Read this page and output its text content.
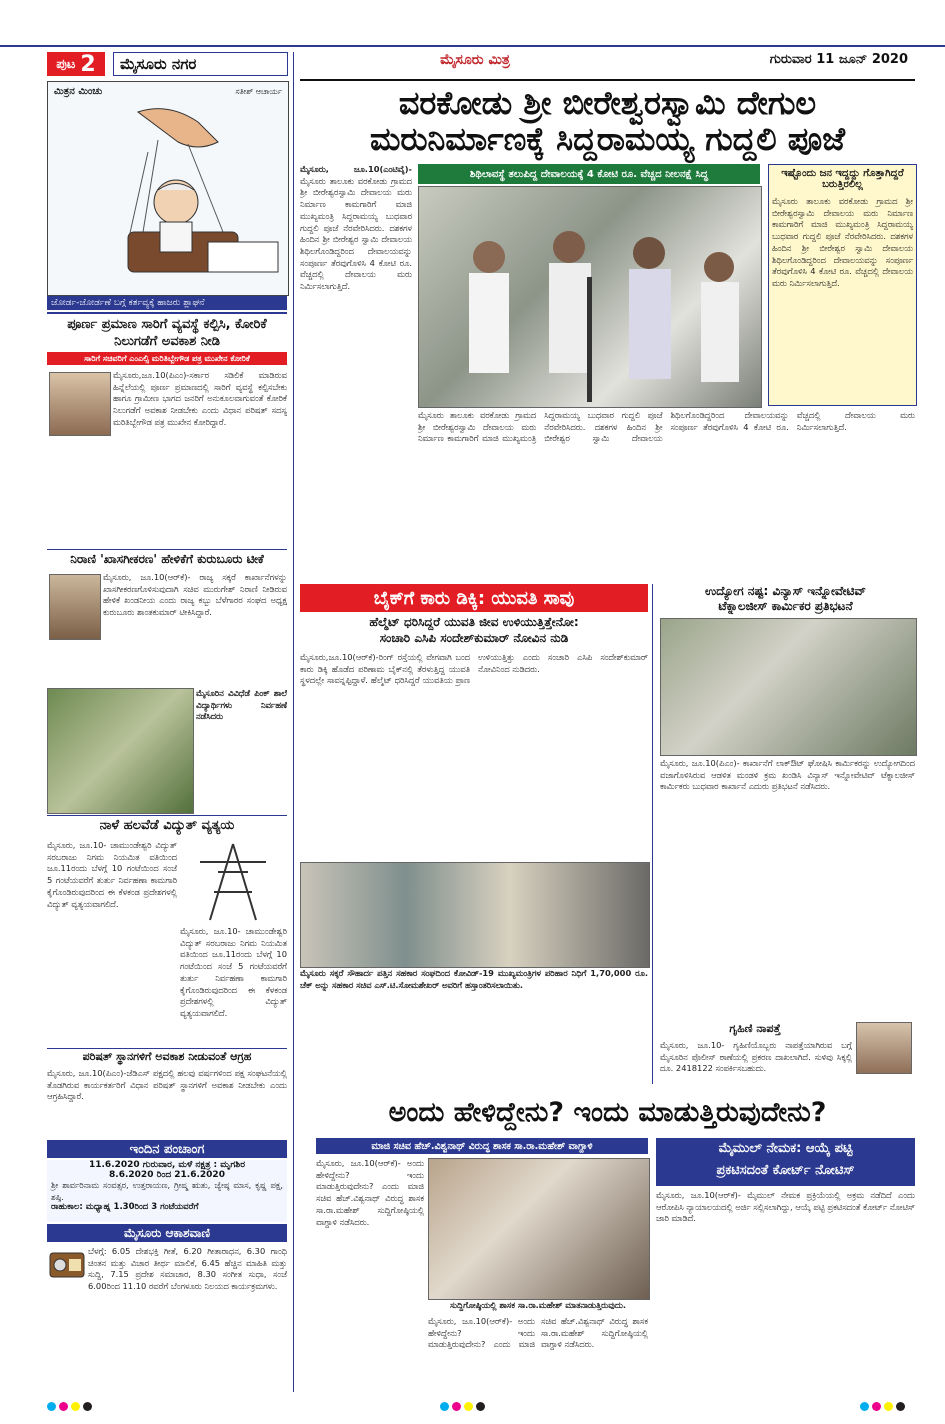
ಪುಟ 2	ಮೈಸೂರು ನಗರ	ಮೈಸೂರು ಮಿತ್ರ	ಗುರುವಾರ 11 ಜೂನ್ 2020
ಮಿತ್ರನ ಮಿಂಚು	ಸತೀಶ್ ಆಚಾರ್ಯ
ಜೋರ್ಡ-ಜೋರ್ಡಣೆ ಬಗ್ಗೆ ಕರ್ತವ್ಯಕ್ಕೆ ಹಾಜರು ಶ್ಲಾಘನೆ
ವರಕೋಡು ಶ್ರೀ ಬೀರೇಶ್ವರಸ್ವಾಮಿ ದೇಗುಲ
ಮರುನಿರ್ಮಾಣಕ್ಕೆ ಸಿದ್ದರಾಮಯ್ಯ ಗುದ್ದಲಿ ಪೂಜೆ
ಮೈಸೂರು, ಜೂ.10(ಎಂಟಿವೈ)- ಮೈಸೂರು ತಾಲೂಕು ವರಕೋಡು ಗ್ರಾಮದ ಶ್ರೀ ಬೀರೇಶ್ವರಸ್ವಾಮಿ ದೇವಾಲಯ ಮರು ನಿರ್ಮಾಣ ಕಾಮಗಾರಿಗೆ ಮಾಜಿ ಮುಖ್ಯಮಂತ್ರಿ ಸಿದ್ದರಾಮಯ್ಯ ಬುಧವಾರ ಗುದ್ದಲಿ ಪೂಜೆ ನೆರವೇರಿಸಿದರು. ದಶಕಗಳ ಹಿಂದಿನ ಶ್ರೀ ಬೀರೇಶ್ವರ ಸ್ವಾಮಿ ದೇವಾಲಯ ಶಿಥಿಲಗೊಂಡಿದ್ದರಿಂದ ದೇವಾಲಯವನ್ನು ಸಂಪೂರ್ಣ ತೆರವುಗೊಳಿಸಿ 4 ಕೋಟಿ ರೂ. ವೆಚ್ಚದಲ್ಲಿ ದೇವಾಲಯ ಮರು ನಿರ್ಮಿಸಲಾಗುತ್ತಿದೆ.
ಶಿಥಿಲಾವಸ್ಥೆ ತಲುಪಿದ್ದ ದೇವಾಲಯಕ್ಕೆ 4 ಕೋಟಿ ರೂ. ವೆಚ್ಚದ ನೀಲನಕ್ಷೆ ಸಿದ್ಧ	ಇಷ್ಟೊಂದು ಜನ ಇದ್ದದ್ದು ಗೊತ್ತಾಗಿದ್ದರೆ ಬರುತ್ತಿರಲಿಲ್ಲ
ಮೈಸೂರು ತಾಲೂಕು ವರಕೋಡು ಗ್ರಾಮದ ಶ್ರೀ ಬೀರೇಶ್ವರಸ್ವಾಮಿ ದೇವಾಲಯ ಮರು ನಿರ್ಮಾಣ ಕಾಮಗಾರಿಗೆ ಮಾಜಿ ಮುಖ್ಯಮಂತ್ರಿ ಸಿದ್ದರಾಮಯ್ಯ ಬುಧವಾರ ಗುದ್ದಲಿ ಪೂಜೆ ನೆರವೇರಿಸಿದರು. ದಶಕಗಳ ಹಿಂದಿನ ಶ್ರೀ ಬೀರೇಶ್ವರ ಸ್ವಾಮಿ ದೇವಾಲಯ ಶಿಥಿಲಗೊಂಡಿದ್ದರಿಂದ ದೇವಾಲಯವನ್ನು ಸಂಪೂರ್ಣ ತೆರವುಗೊಳಿಸಿ 4 ಕೋಟಿ ರೂ. ವೆಚ್ಚದಲ್ಲಿ ದೇವಾಲಯ ಮರು ನಿರ್ಮಿಸಲಾಗುತ್ತಿದೆ.
ಮೈಸೂರು ತಾಲೂಕು ವರಕೋಡು ಗ್ರಾಮದ ಶ್ರೀ ಬೀರೇಶ್ವರಸ್ವಾಮಿ ದೇವಾಲಯ ಮರು ನಿರ್ಮಾಣ ಕಾಮಗಾರಿಗೆ ಮಾಜಿ ಮುಖ್ಯಮಂತ್ರಿ ಸಿದ್ದರಾಮಯ್ಯ ಬುಧವಾರ ಗುದ್ದಲಿ ಪೂಜೆ ನೆರವೇರಿಸಿದರು. ದಶಕಗಳ ಹಿಂದಿನ ಶ್ರೀ ಬೀರೇಶ್ವರ ಸ್ವಾಮಿ ದೇವಾಲಯ ಶಿಥಿಲಗೊಂಡಿದ್ದರಿಂದ ದೇವಾಲಯವನ್ನು ಸಂಪೂರ್ಣ ತೆರವುಗೊಳಿಸಿ 4 ಕೋಟಿ ರೂ. ವೆಚ್ಚದಲ್ಲಿ ದೇವಾಲಯ ಮರು ನಿರ್ಮಿಸಲಾಗುತ್ತಿದೆ.
ಪೂರ್ಣ ಪ್ರಮಾಣ ಸಾರಿಗೆ ವ್ಯವಸ್ಥೆ ಕಲ್ಪಿಸಿ, ಕೋರಿಕೆ ನಿಲುಗಡೆಗೆ ಅವಕಾಶ ನೀಡಿ
ಸಾರಿಗೆ ಸಚಿವರಿಗೆ ಎಂಎಲ್ಸಿ ಮರಿತಿಬ್ಬೇಗೌಡ ಪತ್ರ ಮುಖೇನ ಕೋರಿಕೆ
ಮೈಸೂರು,ಜೂ.10(ಪಿಎಂ)-ಸರ್ಕಾರ ಸಡಿಲಿಕೆ ಮಾಡಿರುವ ಹಿನ್ನೆಲೆಯಲ್ಲಿ ಪೂರ್ಣ ಪ್ರಮಾಣದಲ್ಲಿ ಸಾರಿಗೆ ವ್ಯವಸ್ಥೆ ಕಲ್ಪಿಸಬೇಕು ಹಾಗೂ ಗ್ರಾಮೀಣ ಭಾಗದ ಜನರಿಗೆ ಅನುಕೂಲವಾಗುವಂತೆ ಕೋರಿಕೆ ನಿಲುಗಡೆಗೆ ಅವಕಾಶ ನೀಡಬೇಕು ಎಂದು ವಿಧಾನ ಪರಿಷತ್ ಸದಸ್ಯ ಮರಿತಿಬ್ಬೇಗೌಡ ಪತ್ರ ಮುಖೇನ ಕೋರಿದ್ದಾರೆ.
ನಿರಾಣಿ 'ಖಾಸಗೀಕರಣ' ಹೇಳಿಕೆಗೆ ಕುರುಬೂರು ಟೀಕೆ
ಮೈಸೂರು, ಜೂ.10(ಆರ್‌ಕೆ)- ರಾಜ್ಯ ಸಕ್ಕರೆ ಕಾರ್ಖಾನೆಗಳನ್ನು ಖಾಸಗೀಕರಣಗೊಳಿಸುವುದಾಗಿ ಸಚಿವ ಮುರುಗೇಶ್ ನಿರಾಣಿ ನೀಡಿರುವ ಹೇಳಿಕೆ ಖಂಡನೀಯ ಎಂದು ರಾಜ್ಯ ಕಬ್ಬು ಬೆಳೆಗಾರರ ಸಂಘದ ಅಧ್ಯಕ್ಷ ಕುರುಬೂರು ಶಾಂತಕುಮಾರ್ ಟೀಕಿಸಿದ್ದಾರೆ.
ಮೈಸೂರಿನ ವಿವಿಧೆಡೆ ಪಿಂಕ್ ಶಾಲೆ ವಿದ್ಯಾರ್ಥಿಗಳು ನಿರ್ವಹಣೆ ನಡೆಸಿದರು
ನಾಳೆ ಹಲವೆಡೆ ವಿದ್ಯುತ್ ವ್ಯತ್ಯಯ
ಮೈಸೂರು, ಜೂ.10- ಚಾಮುಂಡೇಶ್ವರಿ ವಿದ್ಯುತ್ ಸರಬರಾಜು ನಿಗಮ ನಿಯಮಿತ ವತಿಯಿಂದ ಜೂ.11ರಂದು ಬೆಳಗ್ಗೆ 10 ಗಂಟೆಯಿಂದ ಸಂಜೆ 5 ಗಂಟೆಯವರೆಗೆ ತುರ್ತು ನಿರ್ವಹಣಾ ಕಾಮಗಾರಿ ಕೈಗೊಂಡಿರುವುದರಿಂದ ಈ ಕೆಳಕಂಡ ಪ್ರದೇಶಗಳಲ್ಲಿ ವಿದ್ಯುತ್ ವ್ಯತ್ಯಯವಾಗಲಿದೆ.
ಮೈಸೂರು, ಜೂ.10- ಚಾಮುಂಡೇಶ್ವರಿ ವಿದ್ಯುತ್ ಸರಬರಾಜು ನಿಗಮ ನಿಯಮಿತ ವತಿಯಿಂದ ಜೂ.11ರಂದು ಬೆಳಗ್ಗೆ 10 ಗಂಟೆಯಿಂದ ಸಂಜೆ 5 ಗಂಟೆಯವರೆಗೆ ತುರ್ತು ನಿರ್ವಹಣಾ ಕಾಮಗಾರಿ ಕೈಗೊಂಡಿರುವುದರಿಂದ ಈ ಕೆಳಕಂಡ ಪ್ರದೇಶಗಳಲ್ಲಿ ವಿದ್ಯುತ್ ವ್ಯತ್ಯಯವಾಗಲಿದೆ.
ಪರಿಷತ್ ಸ್ಥಾನಗಳಿಗೆ ಅವಕಾಶ ನೀಡುವಂತೆ ಆಗ್ರಹ
ಮೈಸೂರು, ಜೂ.10(ಪಿಎಂ)-ಜೆಡಿಎಸ್ ಪಕ್ಷದಲ್ಲಿ ಹಲವು ವರ್ಷಗಳಿಂದ ಪಕ್ಷ ಸಂಘಟನೆಯಲ್ಲಿ ತೊಡಗಿರುವ ಕಾರ್ಯಕರ್ತರಿಗೆ ವಿಧಾನ ಪರಿಷತ್ ಸ್ಥಾನಗಳಿಗೆ ಅವಕಾಶ ನೀಡಬೇಕು ಎಂದು ಆಗ್ರಹಿಸಿದ್ದಾರೆ.
ಇಂದಿನ ಪಂಚಾಂಗ
11.6.2020 ಗುರುವಾರ, ಮಳೆ ನಕ್ಷತ್ರ : ಮೃಗಶಿರ
8.6.2020 ರಿಂದ 21.6.2020
ಶ್ರೀ ಶಾರ್ವರಿನಾಮ ಸಂವತ್ಸರ, ಉತ್ತರಾಯಣ, ಗ್ರೀಷ್ಮ ಋತು, ಜ್ಯೇಷ್ಠ ಮಾಸ, ಕೃಷ್ಣ ಪಕ್ಷ, ಶಷ್ಠಿ.
ರಾಹುಕಾಲ: ಮಧ್ಯಾಹ್ನ 1.30ರಿಂದ 3 ಗಂಟೆಯವರೆಗೆ
ಮೈಸೂರು ಆಕಾಶವಾಣಿ
ಬೆಳಗ್ಗೆ: 6.05 ದೇಶಭಕ್ತಿ ಗೀತೆ, 6.20 ಗೀತಾರಾಧನ, 6.30 ಗಾಂಧಿ ಚಿಂತನ ಮತ್ತು ವಿಚಾರ ತೀರ್ಥ ಮಾಲಿಕೆ, 6.45 ಹೆಚ್ಚಿನ ಮಾಹಿತಿ ಮತ್ತು ಸುದ್ದಿ, 7.15 ಪ್ರದೇಶ ಸಮಾಚಾರ, 8.30 ಸಂಗೀತ ಸುಧಾ, ಸಂಜೆ 6.00ರಿಂದ 11.10 ರವರೆಗೆ ಬೆಂಗಳೂರು ನಿಲಯದ ಕಾರ್ಯಕ್ರಮಗಳು.
ಬೈಕ್‌ಗೆ ಕಾರು ಡಿಕ್ಕಿ: ಯುವತಿ ಸಾವು
ಹೆಲ್ಮೆಟ್ ಧರಿಸಿದ್ದರೆ ಯುವತಿ ಜೀವ ಉಳಿಯುತ್ತಿತ್ತೇನೋ:
ಸಂಚಾರಿ ಎಸಿಪಿ ಸಂದೇಶ್‌ಕುಮಾರ್ ನೋವಿನ ನುಡಿ
ಮೈಸೂರು,ಜೂ.10(ಆರ್‌ಕೆ)-ರಿಂಗ್ ರಸ್ತೆಯಲ್ಲಿ ವೇಗವಾಗಿ ಬಂದ ಕಾರು ಡಿಕ್ಕಿ ಹೊಡೆದ ಪರಿಣಾಮ ಬೈಕ್‌ನಲ್ಲಿ ತೆರಳುತ್ತಿದ್ದ ಯುವತಿ ಸ್ಥಳದಲ್ಲೇ ಸಾವನ್ನಪ್ಪಿದ್ದಾಳೆ. ಹೆಲ್ಮೆಟ್ ಧರಿಸಿದ್ದರೆ ಯುವತಿಯ ಪ್ರಾಣ ಉಳಿಯುತ್ತಿತ್ತು ಎಂದು ಸಂಚಾರಿ ಎಸಿಪಿ ಸಂದೇಶ್‌ಕುಮಾರ್ ನೋವಿನಿಂದ ನುಡಿದರು.
ಮೈಸೂರು ಸಕ್ಕರೆ ಸೌಹಾರ್ದ ಪತ್ತಿನ ಸಹಕಾರ ಸಂಘದಿಂದ ಕೋವಿಡ್-19 ಮುಖ್ಯಮಂತ್ರಿಗಳ ಪರಿಹಾರ ನಿಧಿಗೆ 1,70,000 ರೂ. ಚೆಕ್ ಅನ್ನು ಸಹಕಾರ ಸಚಿವ ಎಸ್.ಟಿ.ಸೋಮಶೇಖರ್ ಅವರಿಗೆ ಹಸ್ತಾಂತರಿಸಲಾಯಿತು.
ಉದ್ಯೋಗ ನಷ್ಟ: ವಿನ್ಯಾಸ್ ಇನ್ನೋವೇಟಿವ್
ಟೆಕ್ನಾಲಜೀಸ್ ಕಾರ್ಮಿಕರ ಪ್ರತಿಭಟನೆ
ಮೈಸೂರು, ಜೂ.10(ಪಿಎಂ)- ಕಾರ್ಖಾನೆಗೆ ಲಾಕ್‌ಔಟ್ ಘೋಷಿಸಿ ಕಾರ್ಮಿಕರನ್ನು ಉದ್ಯೋಗದಿಂದ ವಜಾಗೊಳಿಸಿರುವ ಆಡಳಿತ ಮಂಡಳಿ ಕ್ರಮ ಖಂಡಿಸಿ ವಿನ್ಯಾಸ್ ಇನ್ನೋವೇಟಿವ್ ಟೆಕ್ನಾಲಜೀಸ್ ಕಾರ್ಮಿಕರು ಬುಧವಾರ ಕಾರ್ಖಾನೆ ಎದುರು ಪ್ರತಿಭಟನೆ ನಡೆಸಿದರು.
ಗೃಹಿಣಿ ನಾಪತ್ತೆ
ಮೈಸೂರು, ಜೂ.10- ಗೃಹಿಣಿಯೊಬ್ಬರು ನಾಪತ್ತೆಯಾಗಿರುವ ಬಗ್ಗೆ ಮೈಸೂರಿನ ಪೊಲೀಸ್ ಠಾಣೆಯಲ್ಲಿ ಪ್ರಕರಣ ದಾಖಲಾಗಿದೆ. ಸುಳಿವು ಸಿಕ್ಕಲ್ಲಿ ದೂ. 2418122 ಸಂಪರ್ಕಿಸಬಹುದು.
ಅಂದು ಹೇಳಿದ್ದೇನು? ಇಂದು ಮಾಡುತ್ತಿರುವುದೇನು?
ಮಾಜಿ ಸಚಿವ ಹೆಚ್.ವಿಶ್ವನಾಥ್ ವಿರುದ್ಧ ಶಾಸಕ ಸಾ.ರಾ.ಮಹೇಶ್ ವಾಗ್ದಾಳಿ
ಮೈಸೂರು, ಜೂ.10(ಆರ್‌ಕೆ)- ಅಂದು ಹೇಳಿದ್ದೇನು? ಇಂದು ಮಾಡುತ್ತಿರುವುದೇನು? ಎಂದು ಮಾಜಿ ಸಚಿವ ಹೆಚ್.ವಿಶ್ವನಾಥ್ ವಿರುದ್ಧ ಶಾಸಕ ಸಾ.ರಾ.ಮಹೇಶ್ ಸುದ್ದಿಗೋಷ್ಠಿಯಲ್ಲಿ ವಾಗ್ದಾಳಿ ನಡೆಸಿದರು.
ಸುದ್ದಿಗೋಷ್ಠಿಯಲ್ಲಿ ಶಾಸಕ ಸಾ.ರಾ.ಮಹೇಶ್ ಮಾತನಾಡುತ್ತಿರುವುದು.
ಮೈಸೂರು, ಜೂ.10(ಆರ್‌ಕೆ)- ಅಂದು ಹೇಳಿದ್ದೇನು? ಇಂದು ಮಾಡುತ್ತಿರುವುದೇನು? ಎಂದು ಮಾಜಿ ಸಚಿವ ಹೆಚ್.ವಿಶ್ವನಾಥ್ ವಿರುದ್ಧ ಶಾಸಕ ಸಾ.ರಾ.ಮಹೇಶ್ ಸುದ್ದಿಗೋಷ್ಠಿಯಲ್ಲಿ ವಾಗ್ದಾಳಿ ನಡೆಸಿದರು.
ಮೈಮುಲ್ ನೇಮಕ: ಆಯ್ಕೆ ಪಟ್ಟಿ
ಪ್ರಕಟಿಸದಂತೆ ಕೋರ್ಟ್ ನೋಟಿಸ್
ಮೈಸೂರು, ಜೂ.10(ಆರ್‌ಕೆ)- ಮೈಮುಲ್ ನೇಮಕ ಪ್ರಕ್ರಿಯೆಯಲ್ಲಿ ಅಕ್ರಮ ನಡೆದಿದೆ ಎಂದು ಆರೋಪಿಸಿ ನ್ಯಾಯಾಲಯದಲ್ಲಿ ಅರ್ಜಿ ಸಲ್ಲಿಸಲಾಗಿದ್ದು, ಆಯ್ಕೆ ಪಟ್ಟಿ ಪ್ರಕಟಿಸದಂತೆ ಕೋರ್ಟ್ ನೋಟಿಸ್ ಜಾರಿ ಮಾಡಿದೆ.
